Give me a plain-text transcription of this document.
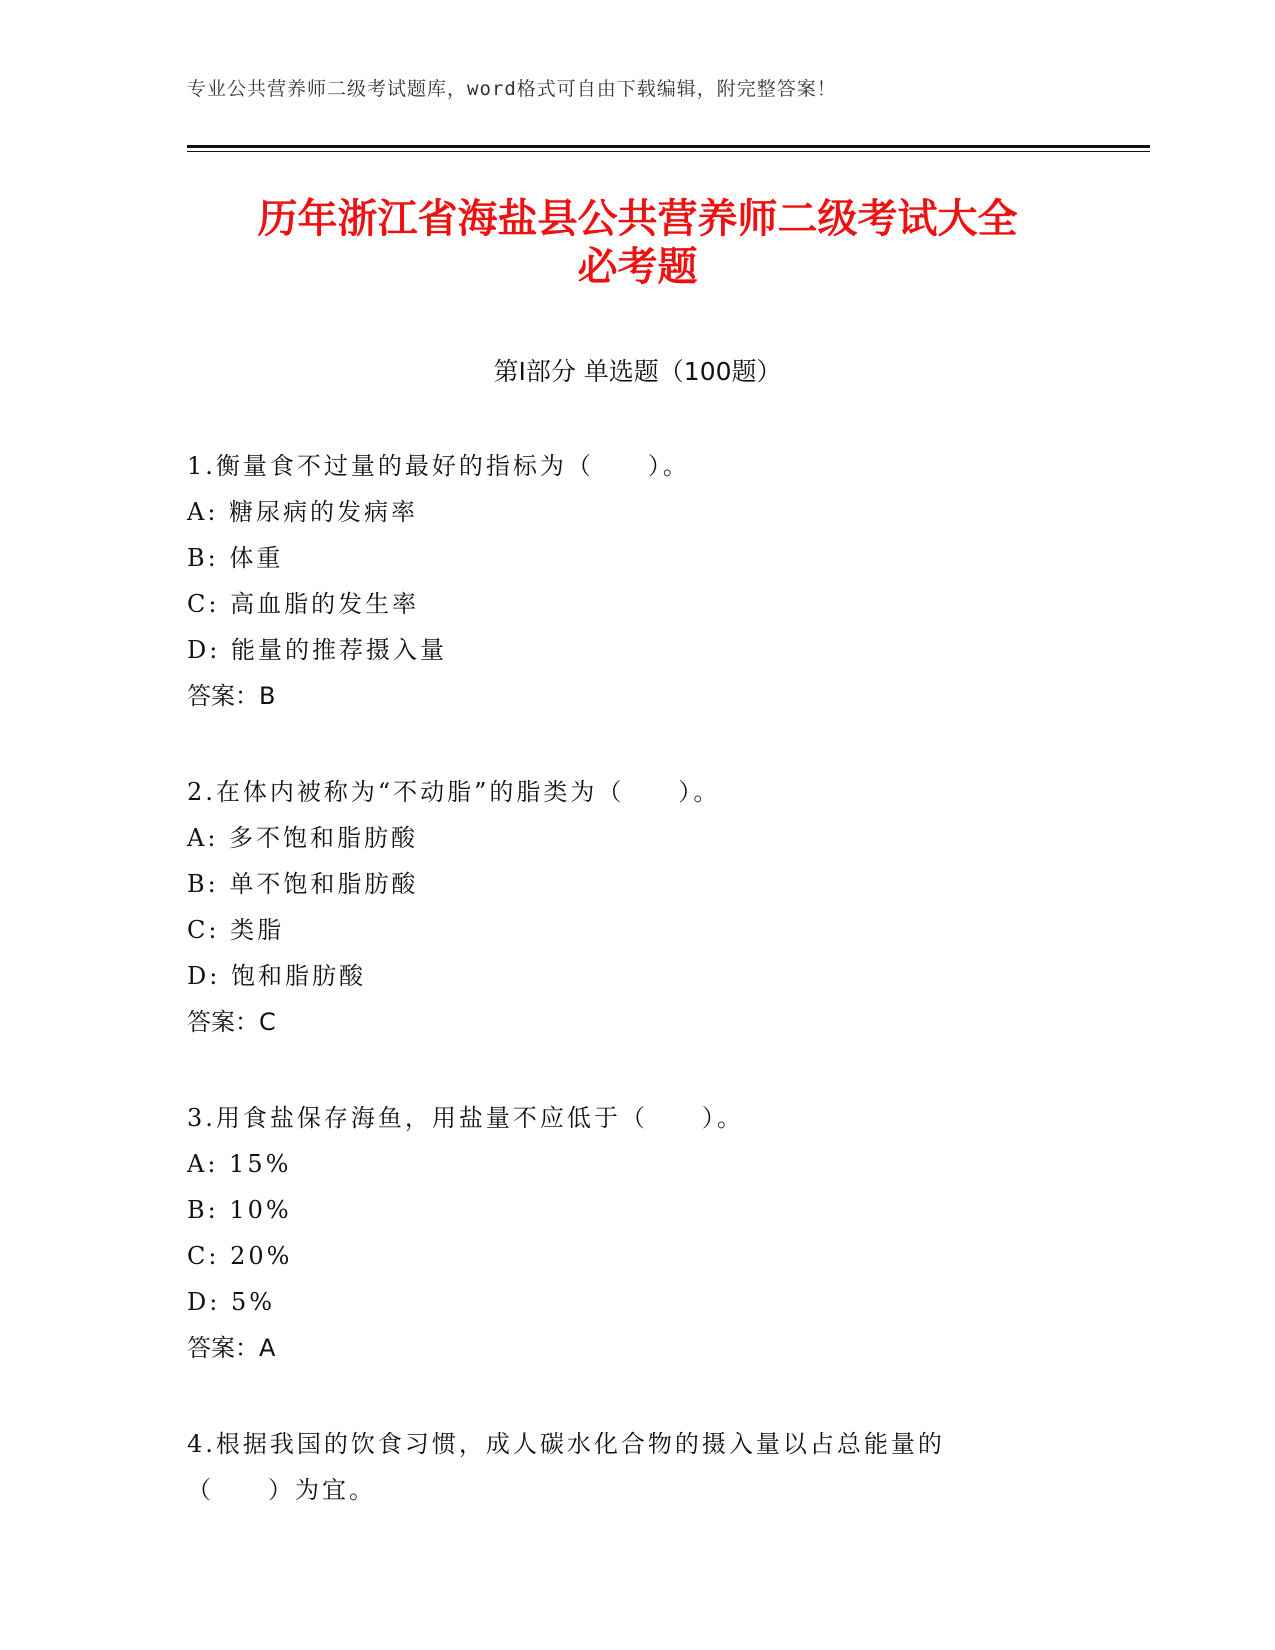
专业公共营养师二级考试题库，word格式可自由下载编辑，附完整答案！
历年浙江省海盐县公共营养师二级考试大全
必考题
第Ⅰ部分 单选题（100题）
1.衡量食不过量的最好的指标为（　　）。
A: 糖尿病的发病率
B: 体重
C: 高血脂的发生率
D: 能量的推荐摄入量
答案：B
2.在体内被称为“不动脂”的脂类为（　　）。
A: 多不饱和脂肪酸
B: 单不饱和脂肪酸
C: 类脂
D: 饱和脂肪酸
答案：C
3.用食盐保存海鱼，用盐量不应低于（　　）。
A: 15%
B: 10%
C: 20%
D: 5%
答案：A
4.根据我国的饮食习惯，成人碳水化合物的摄入量以占总能量的（　　）为宜。
